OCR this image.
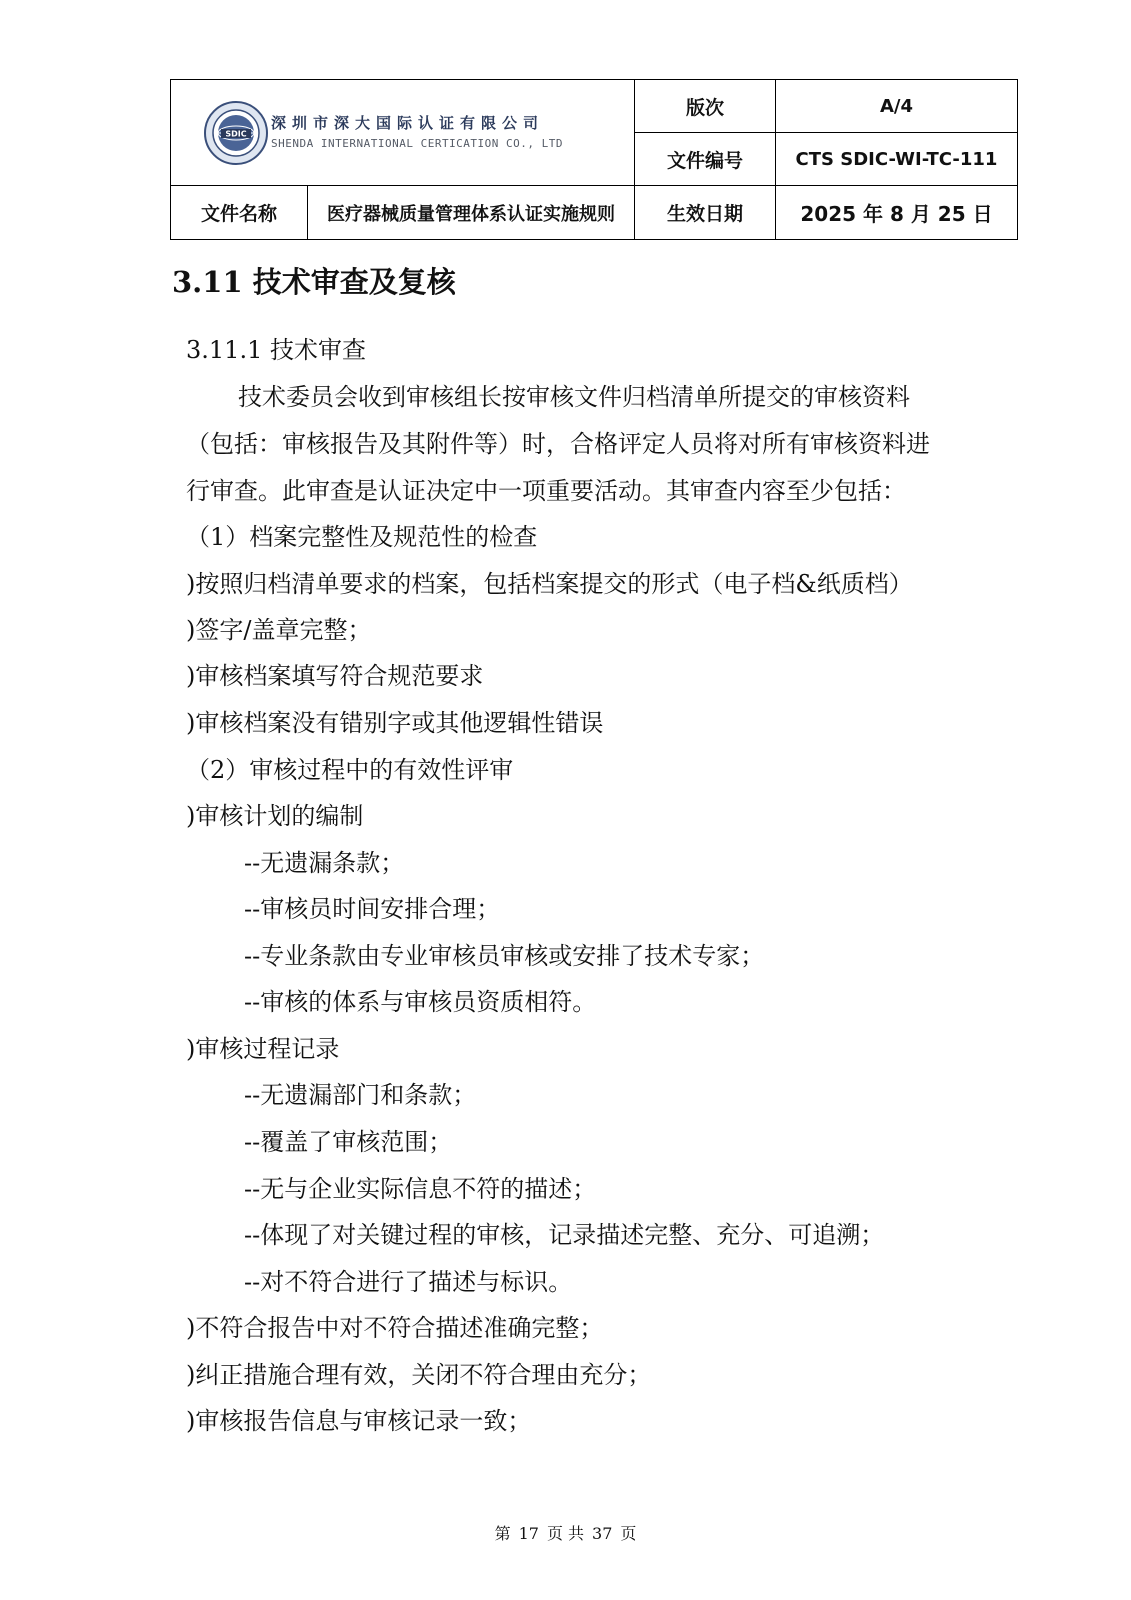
SDIC
深圳市深大国际认证有限公司
SHENDA INTERNATIONAL CERTICATION CO., LTD		版次	A/4
		文件编号	CTS SDIC-WI-TC-111
文件名称	医疗器械质量管理体系认证实施规则	生效日期	2025 年 8 月 25 日
3.11 技术审查及复核

3.11.1 技术审查

技术委员会收到审核组长按审核文件归档清单所提交的审核资料

（包括：审核报告及其附件等）时，合格评定人员将对所有审核资料进

行审查。此审查是认证决定中一项重要活动。其审查内容至少包括：

（1）档案完整性及规范性的检查

)按照归档清单要求的档案，包括档案提交的形式（电子档&纸质档）

)签字/盖章完整；

)审核档案填写符合规范要求

)审核档案没有错别字或其他逻辑性错误

（2）审核过程中的有效性评审

)审核计划的编制

--无遗漏条款；

--审核员时间安排合理；

--专业条款由专业审核员审核或安排了技术专家；

--审核的体系与审核员资质相符。

)审核过程记录

--无遗漏部门和条款；

--覆盖了审核范围；

--无与企业实际信息不符的描述；

--体现了对关键过程的审核，记录描述完整、充分、可追溯；

--对不符合进行了描述与标识。

)不符合报告中对不符合描述准确完整；

)纠正措施合理有效，关闭不符合理由充分；

)审核报告信息与审核记录一致；

第 17 页 共 37 页
